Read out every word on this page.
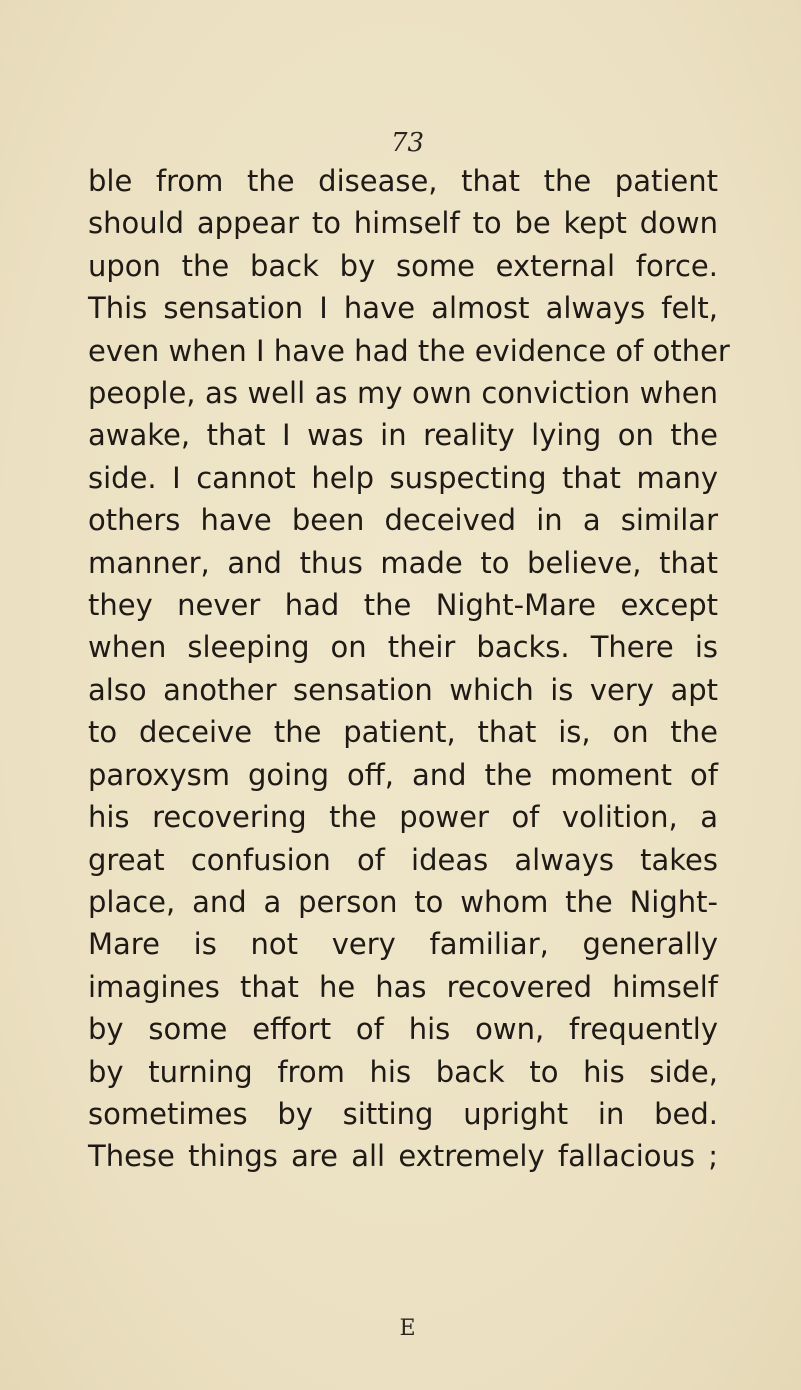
73
ble from the disease, that the patient
should appear to himself to be kept down
upon the back by some external force.
This sensation I have almost always felt,
even when I have had the evidence of other
people, as well as my own conviction when
awake, that I was in reality lying on the
side. I cannot help suspecting that many
others have been deceived in a similar
manner, and thus made to believe, that
they never had the Night-Mare except
when sleeping on their backs. There is
also another sensation which is very apt
to deceive the patient, that is, on the
paroxysm going off, and the moment of
his recovering the power of volition, a
great confusion of ideas always takes
place, and a person to whom the Night-
Mare is not very familiar, generally
imagines that he has recovered himself
by some effort of his own, frequently
by turning from his back to his side,
sometimes by sitting upright in bed.
These things are all extremely fallacious ;
E
